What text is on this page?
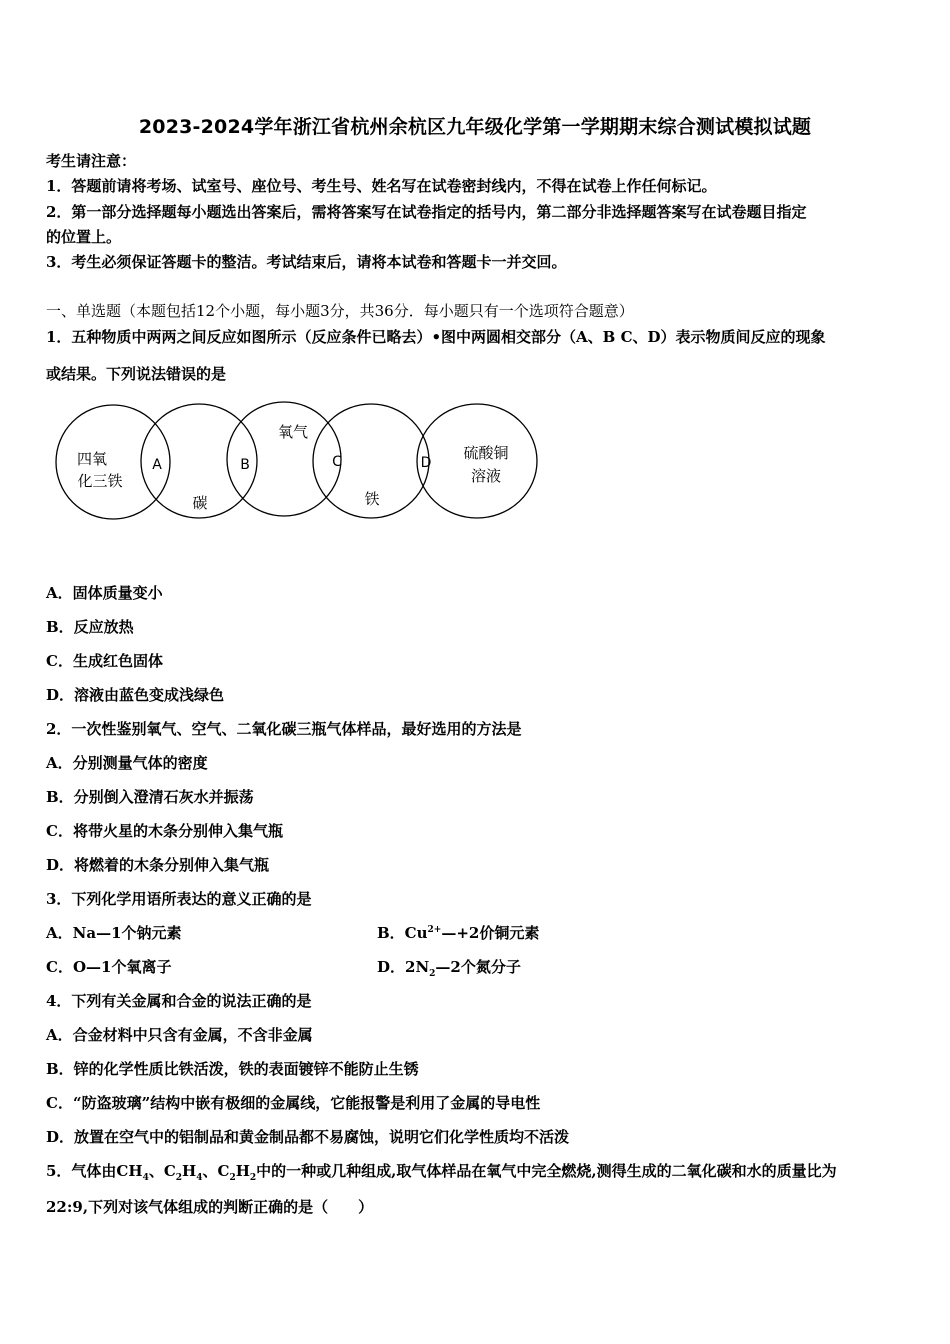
2023-2024学年浙江省杭州余杭区九年级化学第一学期期末综合测试模拟试题
考生请注意：
1．答题前请将考场、试室号、座位号、考生号、姓名写在试卷密封线内，不得在试卷上作任何标记。
2．第一部分选择题每小题选出答案后，需将答案写在试卷指定的括号内，第二部分非选择题答案写在试卷题目指定
的位置上。
3．考生必须保证答题卡的整洁。考试结束后，请将本试卷和答题卡一并交回。
一、单选题（本题包括12个小题，每小题3分，共36分．每小题只有一个选项符合题意）
1．五种物质中两两之间反应如图所示（反应条件已略去）•图中两圆相交部分（A、B C、D）表示物质间反应的现象
或结果。下列说法错误的是
四氧
化三铁
碳
氧气
铁
硫酸铜
溶液
A	B	C	D
A．固体质量变小
B．反应放热
C．生成红色固体
D．溶液由蓝色变成浅绿色
2．一次性鉴别氧气、空气、二氧化碳三瓶气体样品，最好选用的方法是
A．分别测量气体的密度
B．分别倒入澄清石灰水并振荡
C．将带火星的木条分别伸入集气瓶
D．将燃着的木条分别伸入集气瓶
3．下列化学用语所表达的意义正确的是
A．Na—1个钠元素	B．$Cu^{2+}—+2$价铜元素
C．O—1个氧离子	D．$2N_2—2$个氮分子
4．下列有关金属和合金的说法正确的是
A．合金材料中只含有金属，不含非金属
B．锌的化学性质比铁活泼，铁的表面镀锌不能防止生锈
C．“防盗玻璃”结构中嵌有极细的金属线，它能报警是利用了金属的导电性
D．放置在空气中的铝制品和黄金制品都不易腐蚀，说明它们化学性质均不活泼
5．气体由$CH_4$、$C_2H_4$、$C_2H_2$中的一种或几种组成,取气体样品在氧气中完全燃烧,测得生成的二氧化碳和水的质量比为
22:9,下列对该气体组成的判断正确的是（　　）
